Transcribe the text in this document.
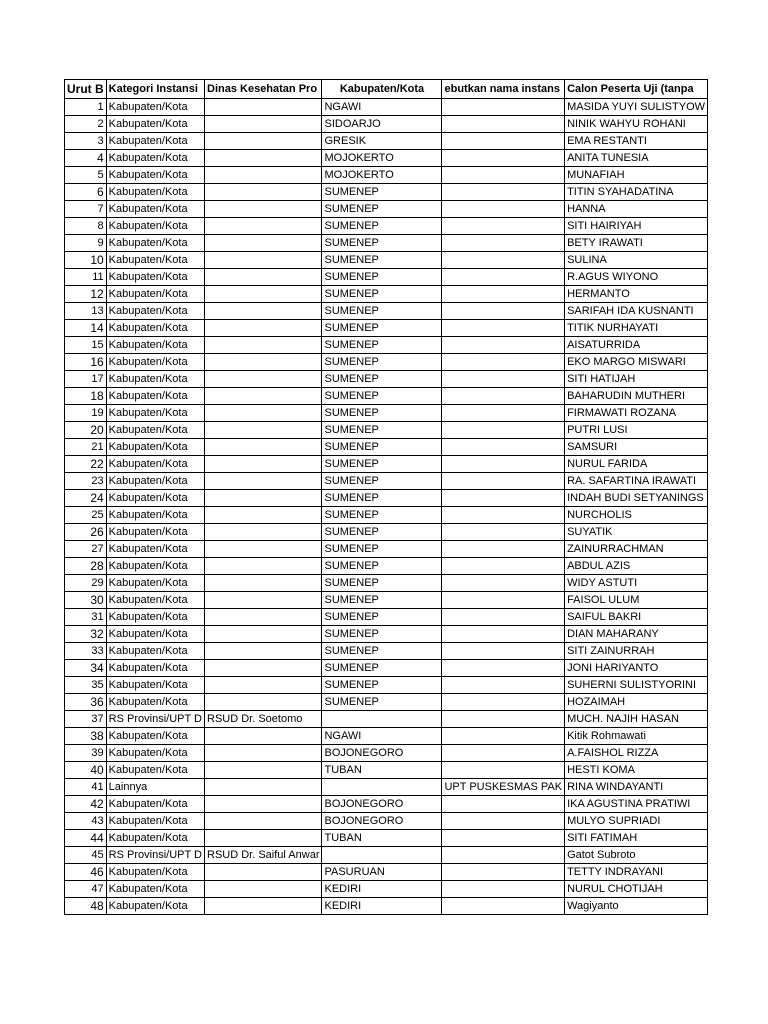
Urut B	Kategori Instansi	Dinas Kesehatan Pro	Kabupaten/Kota	ebutkan nama instans	Calon Peserta Uji (tanpa
1	Kabupaten/Kota		NGAWI		MASIDA YUYI SULISTYOW
2	Kabupaten/Kota		SIDOARJO		NINIK WAHYU ROHANI
3	Kabupaten/Kota		GRESIK		EMA RESTANTI
4	Kabupaten/Kota		MOJOKERTO		ANITA TUNESIA
5	Kabupaten/Kota		MOJOKERTO		MUNAFIAH
6	Kabupaten/Kota		SUMENEP		TITIN SYAHADATINA
7	Kabupaten/Kota		SUMENEP		HANNA
8	Kabupaten/Kota		SUMENEP		SITI HAIRIYAH
9	Kabupaten/Kota		SUMENEP		BETY IRAWATI
10	Kabupaten/Kota		SUMENEP		SULINA
11	Kabupaten/Kota		SUMENEP		R.AGUS WIYONO
12	Kabupaten/Kota		SUMENEP		HERMANTO
13	Kabupaten/Kota		SUMENEP		SARIFAH IDA KUSNANTI
14	Kabupaten/Kota		SUMENEP		TITIK NURHAYATI
15	Kabupaten/Kota		SUMENEP		AISATURRIDA
16	Kabupaten/Kota		SUMENEP		EKO MARGO MISWARI
17	Kabupaten/Kota		SUMENEP		SITI HATIJAH
18	Kabupaten/Kota		SUMENEP		BAHARUDIN MUTHERI
19	Kabupaten/Kota		SUMENEP		FIRMAWATI ROZANA
20	Kabupaten/Kota		SUMENEP		PUTRI LUSI
21	Kabupaten/Kota		SUMENEP		SAMSURI
22	Kabupaten/Kota		SUMENEP		NURUL FARIDA
23	Kabupaten/Kota		SUMENEP		RA. SAFARTINA IRAWATI
24	Kabupaten/Kota		SUMENEP		INDAH BUDI SETYANINGS
25	Kabupaten/Kota		SUMENEP		NURCHOLIS
26	Kabupaten/Kota		SUMENEP		SUYATIK
27	Kabupaten/Kota		SUMENEP		ZAINURRACHMAN
28	Kabupaten/Kota		SUMENEP		ABDUL AZIS
29	Kabupaten/Kota		SUMENEP		WIDY ASTUTI
30	Kabupaten/Kota		SUMENEP		FAISOL ULUM
31	Kabupaten/Kota		SUMENEP		SAIFUL BAKRI
32	Kabupaten/Kota		SUMENEP		DIAN MAHARANY
33	Kabupaten/Kota		SUMENEP		SITI ZAINURRAH
34	Kabupaten/Kota		SUMENEP		JONI HARIYANTO
35	Kabupaten/Kota		SUMENEP		SUHERNI SULISTYORINI
36	Kabupaten/Kota		SUMENEP		HOZAIMAH
37	RS Provinsi/UPT D	RSUD Dr. Soetomo			MUCH. NAJIH HASAN
38	Kabupaten/Kota		NGAWI		Kitik Rohmawati
39	Kabupaten/Kota		BOJONEGORO		A.FAISHOL RIZZA
40	Kabupaten/Kota		TUBAN		HESTI KOMA
41	Lainnya			UPT PUSKESMAS PAK	RINA WINDAYANTI
42	Kabupaten/Kota		BOJONEGORO		IKA AGUSTINA PRATIWI
43	Kabupaten/Kota		BOJONEGORO		MULYO SUPRIADI
44	Kabupaten/Kota		TUBAN		SITI FATIMAH
45	RS Provinsi/UPT D	RSUD Dr. Saiful Anwar			Gatot Subroto
46	Kabupaten/Kota		PASURUAN		TETTY INDRAYANI
47	Kabupaten/Kota		KEDIRI		NURUL CHOTIJAH
48	Kabupaten/Kota		KEDIRI		Wagiyanto
